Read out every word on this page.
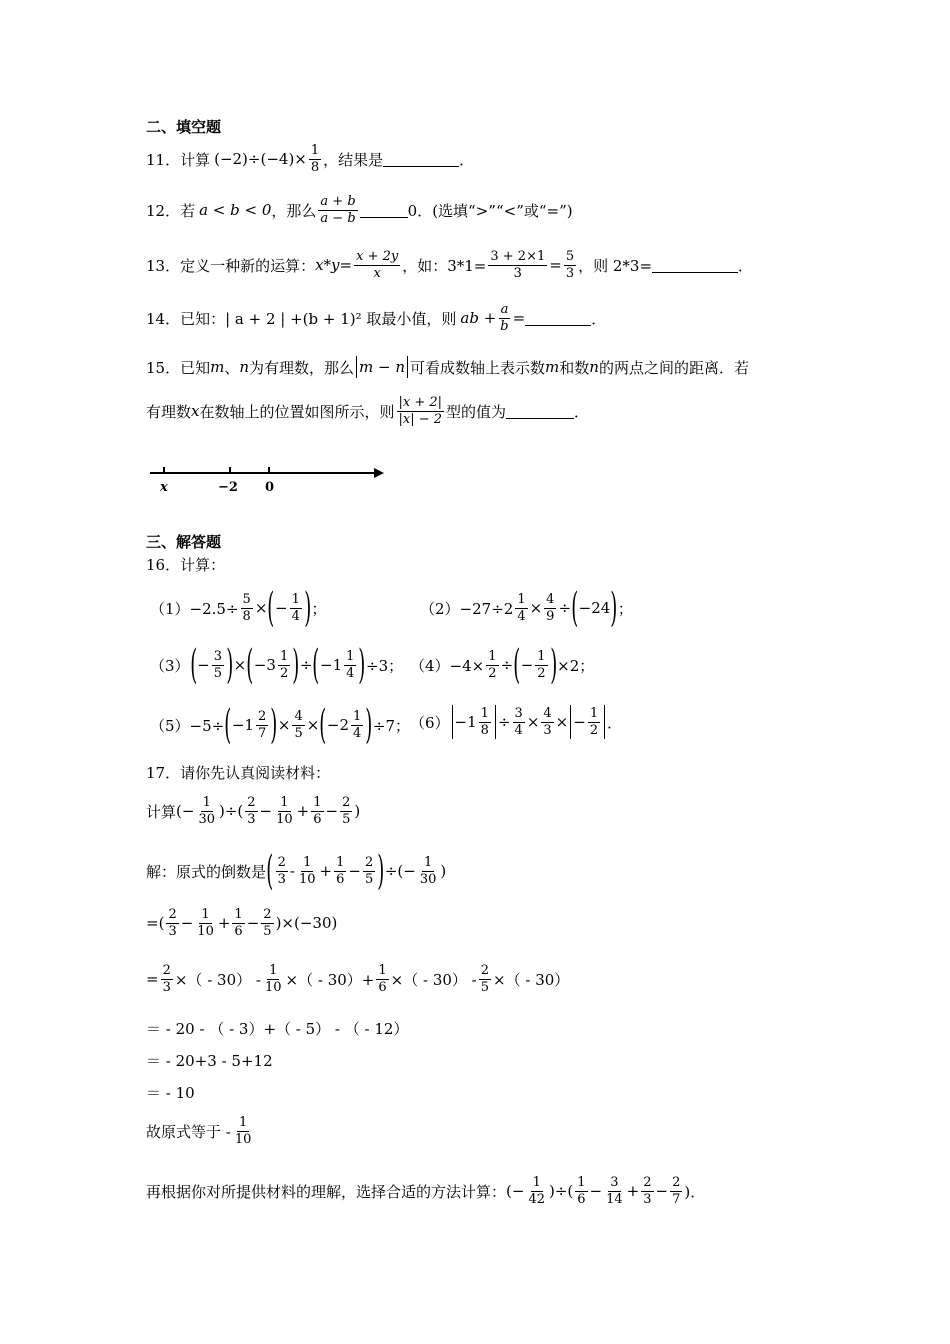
二、填空题
11．计算 $(-2)\div(-4)\times \frac{1}{8}$ ，结果是	．
12．若 a < b < 0 ，那么
a + b
a − b	0．(选填“>”“<”或“=”)
13．定义一种新的运算： $x*y= \frac{x + 2y}{x}$ ，如：$3*1= \frac{3 + 2\times 1}{3} = \frac{5}{3}$ ，则 2*3=	．
14．已知： | a + 2 | +(b + 1)² 取最小值，则 ab + $\frac{a}{b}$ =	．
15．已知 m 、 n 为有理数，那么 m − n 可看成数轴上表示数 m 和数 n 的两点之间的距离．若
有理数 x 在数轴上的位置如图所示，则
|x + 2|
|x| − 2 型的值为	．
x	−2 0
三、解答题
16．计算：
$(1)-2.5\div \frac{5}{8}$ × ( − 1
4 ) ；	（2）−27÷2
1
4 × 4
9 ÷ ( −24 ) ；
（3） ( − 3
5 ) × ( −3 1
2 ) ÷ ( −1 1
4 ) ÷3； $(4)-4\times \frac{1}{2}$ ÷ ( − 1
2 ) ×2；
（5）−5÷ ( −1 2
7 ) × 4
5 × ( −2 1
4 ) ÷7； （6） −1 1
8 ÷ 3
4 × 4
3 × − 1
2 ．
17．请你先认真阅读材料：
计算 (− 1
30 )÷( 2
3 − 1
10 + 1
6 − 2
5 )
解：原式的倒数是 ( 2
3 - 1
10 + 1
6 − 2
5 ) ÷(− 1
30 )
= ( $\frac{2}{3} - 1$
10 + 1
6 − 2
5 )×(−30)
= $\frac{2}{3}$ ×（ - 30） -
1
10 ×（ - 30）+
1
6 ×（ - 30） -
2
5 ×（ - 30）
＝ - 20 - （ - 3）+（ - 5） - （ - 12）
＝ - 20+3 - 5+12
＝ - 10
故原式等于 -
1
10
再根据你对所提供材料的理解，选择合适的方法计算： (− 1
42 )÷( 1
6 − 3
14 + 2
3 − 2
7 )．
